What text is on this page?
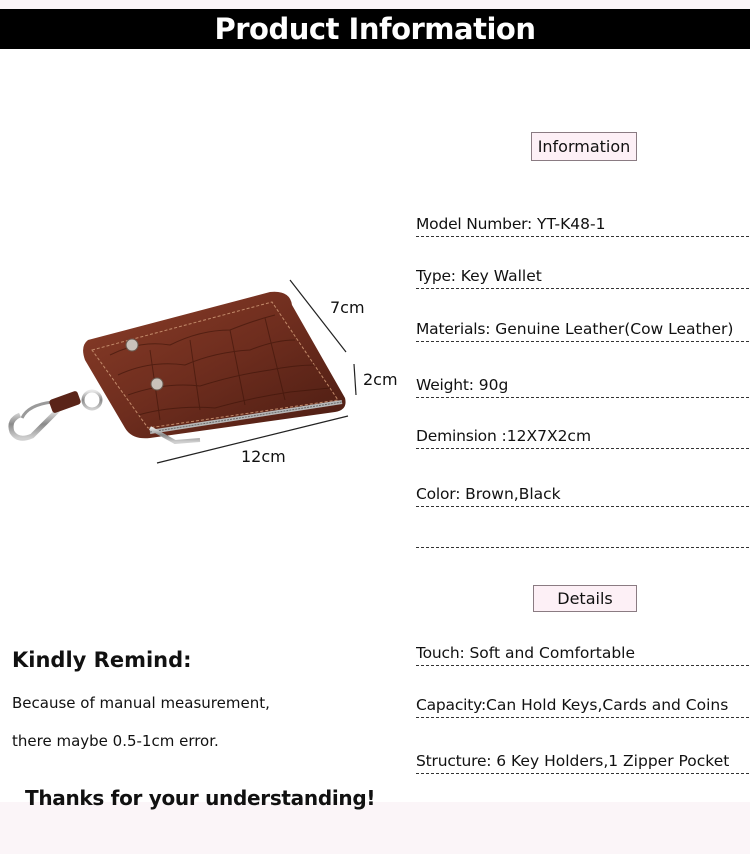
Product Information
7cm
2cm
12cm
Information
Model Number: YT-K48-1
Type: Key Wallet
Materials: Genuine Leather(Cow Leather)
Weight: 90g
Deminsion :12X7X2cm
Color: Brown,Black
Details
Touch: Soft and Comfortable
Capacity:Can Hold Keys,Cards and Coins
Structure: 6 Key Holders,1 Zipper Pocket
Kindly Remind:
Because of manual measurement,
there maybe 0.5-1cm error.
Thanks for your understanding!
